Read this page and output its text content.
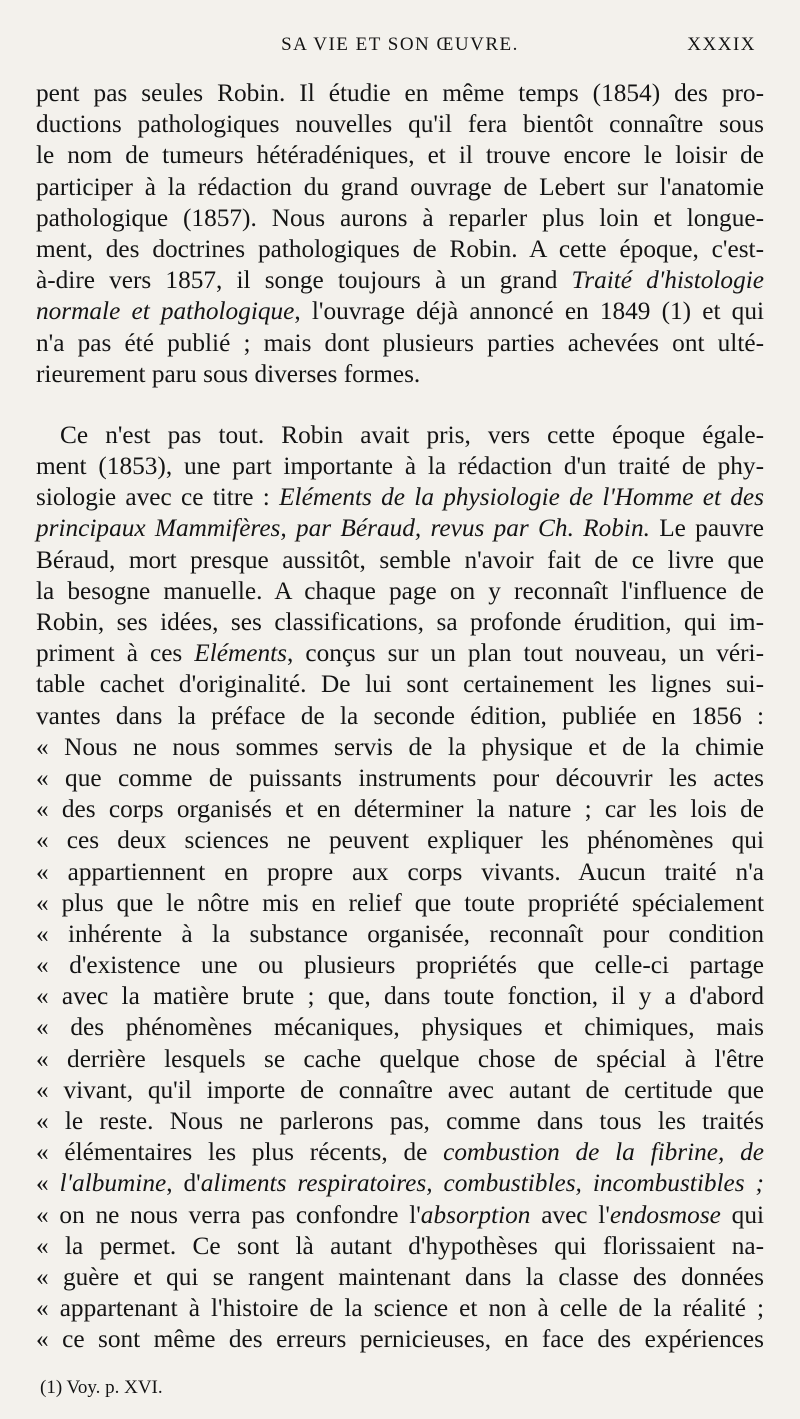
SA VIE ET SON ŒUVRE.	XXXIX
pent pas seules Robin. Il étudie en même temps (1854) des pro-
ductions pathologiques nouvelles qu'il fera bientôt connaître sous
le nom de tumeurs hétéradéniques, et il trouve encore le loisir de
participer à la rédaction du grand ouvrage de Lebert sur l'anatomie
pathologique (1857). Nous aurons à reparler plus loin et longue-
ment, des doctrines pathologiques de Robin. A cette époque, c'est-
à-dire vers 1857, il songe toujours à un grand Traité d'histologie
normale et pathologique, l'ouvrage déjà annoncé en 1849 (1) et qui
n'a pas été publié ; mais dont plusieurs parties achevées ont ulté-
rieurement paru sous diverses formes.
Ce n'est pas tout. Robin avait pris, vers cette époque égale-
ment (1853), une part importante à la rédaction d'un traité de phy-
siologie avec ce titre : Eléments de la physiologie de l'Homme et des
principaux Mammifères, par Béraud, revus par Ch. Robin. Le pauvre
Béraud, mort presque aussitôt, semble n'avoir fait de ce livre que
la besogne manuelle. A chaque page on y reconnaît l'influence de
Robin, ses idées, ses classifications, sa profonde érudition, qui im-
priment à ces Eléments, conçus sur un plan tout nouveau, un véri-
table cachet d'originalité. De lui sont certainement les lignes sui-
vantes dans la préface de la seconde édition, publiée en 1856 :
« Nous ne nous sommes servis de la physique et de la chimie
« que comme de puissants instruments pour découvrir les actes
« des corps organisés et en déterminer la nature ; car les lois de
« ces deux sciences ne peuvent expliquer les phénomènes qui
« appartiennent en propre aux corps vivants. Aucun traité n'a
« plus que le nôtre mis en relief que toute propriété spécialement
« inhérente à la substance organisée, reconnaît pour condition
« d'existence une ou plusieurs propriétés que celle-ci partage
« avec la matière brute ; que, dans toute fonction, il y a d'abord
« des phénomènes mécaniques, physiques et chimiques, mais
« derrière lesquels se cache quelque chose de spécial à l'être
« vivant, qu'il importe de connaître avec autant de certitude que
« le reste. Nous ne parlerons pas, comme dans tous les traités
« élémentaires les plus récents, de combustion de la fibrine, de
« l'albumine, d'aliments respiratoires, combustibles, incombustibles ;
« on ne nous verra pas confondre l'absorption avec l'endosmose qui
« la permet. Ce sont là autant d'hypothèses qui florissaient na-
« guère et qui se rangent maintenant dans la classe des données
« appartenant à l'histoire de la science et non à celle de la réalité ;
« ce sont même des erreurs pernicieuses, en face des expériences
(1) Voy. p. XVI.
